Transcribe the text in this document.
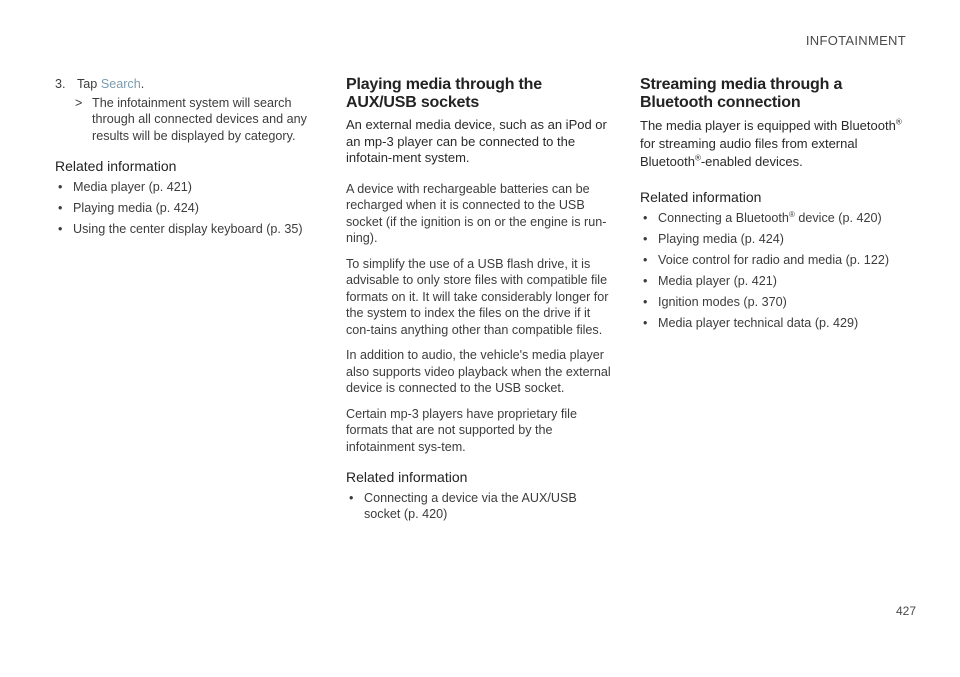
INFOTAINMENT
3. Tap Search.
> The infotainment system will search through all connected devices and any results will be displayed by category.
Related information
• Media player (p. 421)
• Playing media (p. 424)
• Using the center display keyboard (p. 35)
Playing media through the AUX/USB sockets

An external media device, such as an iPod or an mp-3 player can be connected to the infotain-ment system.

A device with rechargeable batteries can be recharged when it is connected to the USB socket (if the ignition is on or the engine is run-ning).

To simplify the use of a USB flash drive, it is advisable to only store files with compatible file formats on it. It will take considerably longer for the system to index the files on the drive if it con-tains anything other than compatible files.

In addition to audio, the vehicle's media player also supports video playback when the external device is connected to the USB socket.

Certain mp-3 players have proprietary file formats that are not supported by the infotainment sys-tem.

Related information
• Connecting a device via the AUX/USB socket (p. 420)
Streaming media through a Bluetooth connection

The media player is equipped with Bluetooth® for streaming audio files from external Bluetooth®-enabled devices.

Related information
• Connecting a Bluetooth® device (p. 420)
• Playing media (p. 424)
• Voice control for radio and media (p. 122)
• Media player (p. 421)
• Ignition modes (p. 370)
• Media player technical data (p. 429)
427
